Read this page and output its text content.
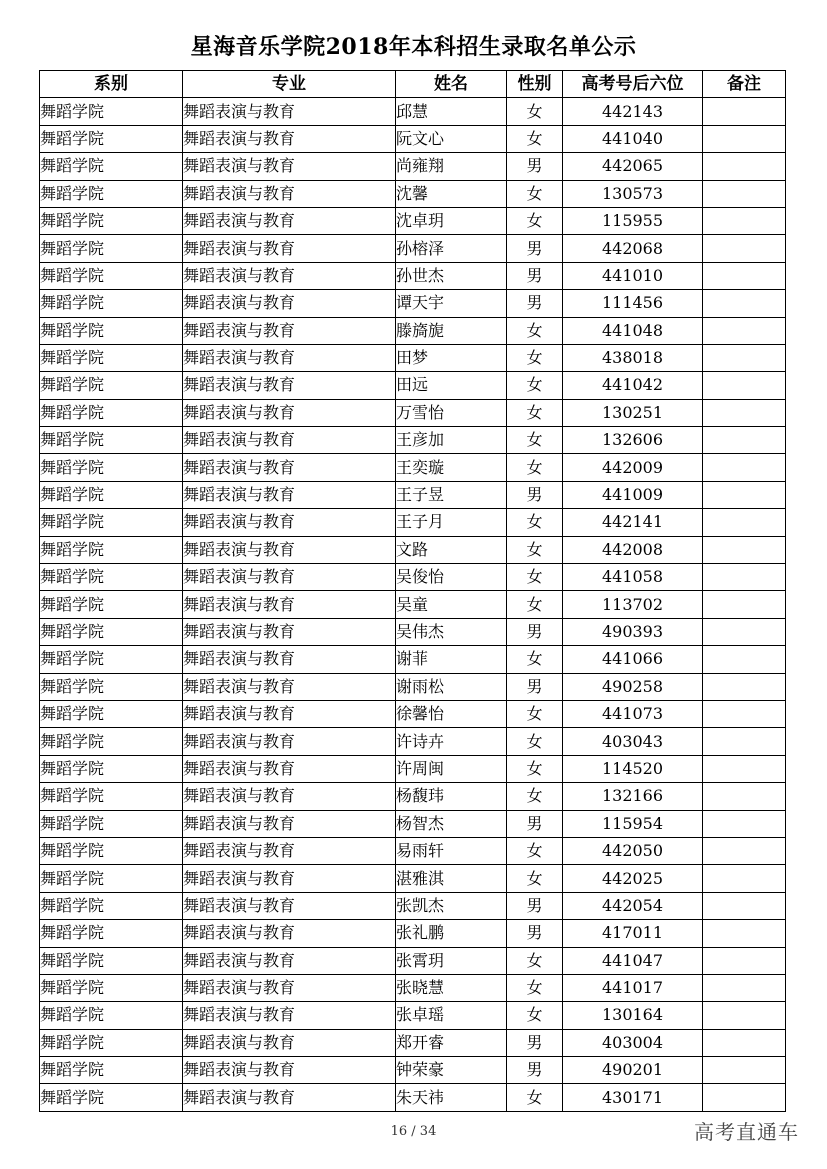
星海音乐学院2018年本科招生录取名单公示
系别	专业	姓名	性别	高考号后六位	备注
舞蹈学院	舞蹈表演与教育	邱慧	女	442143	
舞蹈学院	舞蹈表演与教育	阮文心	女	441040	
舞蹈学院	舞蹈表演与教育	尚雍翔	男	442065	
舞蹈学院	舞蹈表演与教育	沈馨	女	130573	
舞蹈学院	舞蹈表演与教育	沈卓玥	女	115955	
舞蹈学院	舞蹈表演与教育	孙榕泽	男	442068	
舞蹈学院	舞蹈表演与教育	孙世杰	男	441010	
舞蹈学院	舞蹈表演与教育	谭天宇	男	111456	
舞蹈学院	舞蹈表演与教育	滕旖旎	女	441048	
舞蹈学院	舞蹈表演与教育	田梦	女	438018	
舞蹈学院	舞蹈表演与教育	田远	女	441042	
舞蹈学院	舞蹈表演与教育	万雪怡	女	130251	
舞蹈学院	舞蹈表演与教育	王彦加	女	132606	
舞蹈学院	舞蹈表演与教育	王奕璇	女	442009	
舞蹈学院	舞蹈表演与教育	王子昱	男	441009	
舞蹈学院	舞蹈表演与教育	王子月	女	442141	
舞蹈学院	舞蹈表演与教育	文路	女	442008	
舞蹈学院	舞蹈表演与教育	吴俊怡	女	441058	
舞蹈学院	舞蹈表演与教育	吴童	女	113702	
舞蹈学院	舞蹈表演与教育	吴伟杰	男	490393	
舞蹈学院	舞蹈表演与教育	谢菲	女	441066	
舞蹈学院	舞蹈表演与教育	谢雨松	男	490258	
舞蹈学院	舞蹈表演与教育	徐馨怡	女	441073	
舞蹈学院	舞蹈表演与教育	许诗卉	女	403043	
舞蹈学院	舞蹈表演与教育	许周闽	女	114520	
舞蹈学院	舞蹈表演与教育	杨馥玮	女	132166	
舞蹈学院	舞蹈表演与教育	杨智杰	男	115954	
舞蹈学院	舞蹈表演与教育	易雨轩	女	442050	
舞蹈学院	舞蹈表演与教育	湛雅淇	女	442025	
舞蹈学院	舞蹈表演与教育	张凯杰	男	442054	
舞蹈学院	舞蹈表演与教育	张礼鹏	男	417011	
舞蹈学院	舞蹈表演与教育	张霄玥	女	441047	
舞蹈学院	舞蹈表演与教育	张晓慧	女	441017	
舞蹈学院	舞蹈表演与教育	张卓瑶	女	130164	
舞蹈学院	舞蹈表演与教育	郑开睿	男	403004	
舞蹈学院	舞蹈表演与教育	钟荣豪	男	490201	
舞蹈学院	舞蹈表演与教育	朱天祎	女	430171	
16 / 34	高考直通车
